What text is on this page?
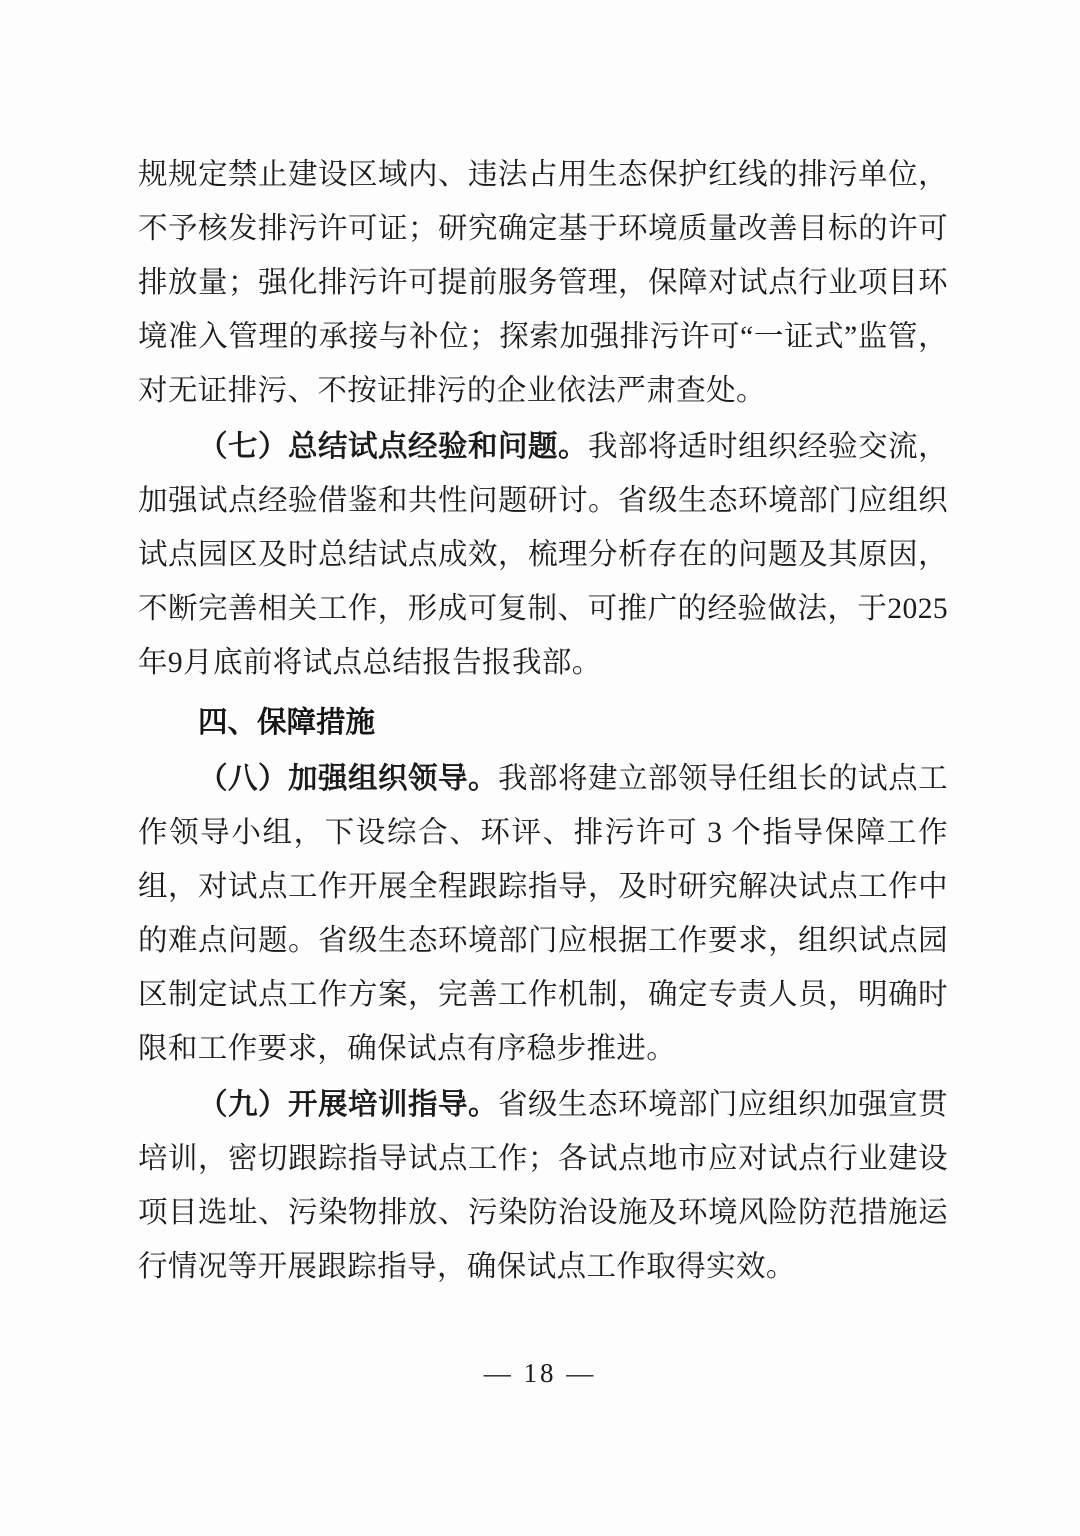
规规定禁止建设区域内、违法占用生态保护红线的排污单位，不予核发排污许可证；研究确定基于环境质量改善目标的许可排放量；强化排污许可提前服务管理，保障对试点行业项目环境准入管理的承接与补位；探索加强排污许可“一证式”监管，对无证排污、不按证排污的企业依法严肃查处。

（七）总结试点经验和问题。我部将适时组织经验交流，加强试点经验借鉴和共性问题研讨。省级生态环境部门应组织试点园区及时总结试点成效，梳理分析存在的问题及其原因，不断完善相关工作，形成可复制、可推广的经验做法，于2025年9月底前将试点总结报告报我部。

四、保障措施

（八）加强组织领导。我部将建立部领导任组长的试点工作领导小组，下设综合、环评、排污许可 3 个指导保障工作组，对试点工作开展全程跟踪指导，及时研究解决试点工作中的难点问题。省级生态环境部门应根据工作要求，组织试点园区制定试点工作方案，完善工作机制，确定专责人员，明确时限和工作要求，确保试点有序稳步推进。

（九）开展培训指导。省级生态环境部门应组织加强宣贯培训，密切跟踪指导试点工作；各试点地市应对试点行业建设项目选址、污染物排放、污染防治设施及环境风险防范措施运行情况等开展跟踪指导，确保试点工作取得实效。

— 18 —
